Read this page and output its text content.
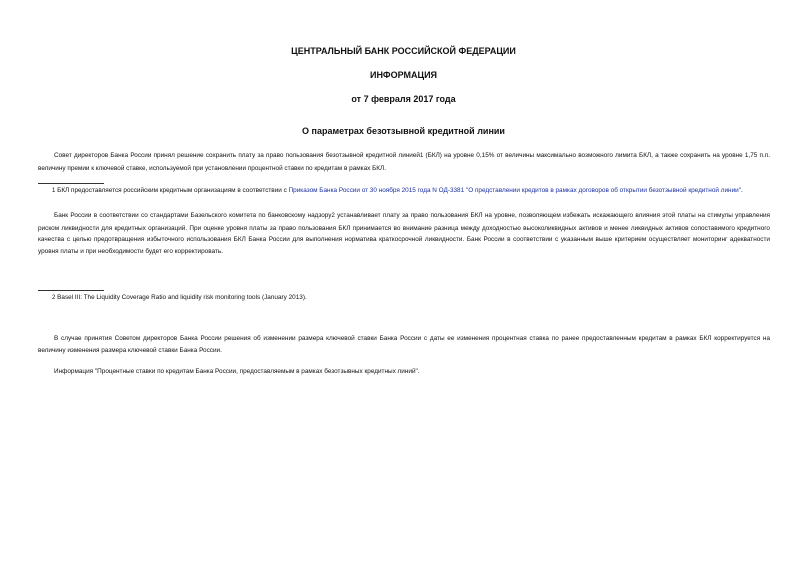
ЦЕНТРАЛЬНЫЙ БАНК РОССИЙСКОЙ ФЕДЕРАЦИИ
ИНФОРМАЦИЯ
от 7 февраля 2017 года
О параметрах безотзывной кредитной линии
Совет директоров Банка России принял решение сохранить плату за право пользования безотзывной кредитной линией1 (БКЛ) на уровне 0,15% от величины максимально возможного лимита БКЛ, а также сохранить на уровне 1,75 п.п. величину премии к ключевой ставке, используемой при установлении процентной ставки по кредитам в рамках БКЛ.
1 БКЛ предоставляется российским кредитным организациям в соответствии с Приказом Банка России от 30 ноября 2015 года N ОД-3381 "О представлении кредитов в рамках договоров об открытии безотзывной кредитной линии".
Банк России в соответствии со стандартами Базельского комитета по банковскому надзору2 устанавливает плату за право пользования БКЛ на уровне, позволяющем избежать искажающего влияния этой платы на стимулы управления риском ликвидности для кредитных организаций. При оценке уровня платы за право пользования БКЛ принимается во внимание разница между доходностью высоколиквидных активов и менее ликвидных активов сопоставимого кредитного качества с целью предотвращения избыточного использования БКЛ Банка России для выполнения норматива краткосрочной ликвидности. Банк России в соответствии с указанным выше критерием осуществляет мониторинг адекватности уровня платы и при необходимости будет его корректировать.
2 Basel III: The Liquidity Coverage Ratio and liquidity risk monitoring tools (January 2013).
В случае принятия Советом директоров Банка России решения об изменении размера ключевой ставки Банка России с даты ее изменения процентная ставка по ранее предоставленным кредитам в рамках БКЛ корректируется на величину изменения размера ключевой ставки Банка России.
Информация "Процентные ставки по кредитам Банка России, предоставляемым в рамках безотзывных кредитных линий".
